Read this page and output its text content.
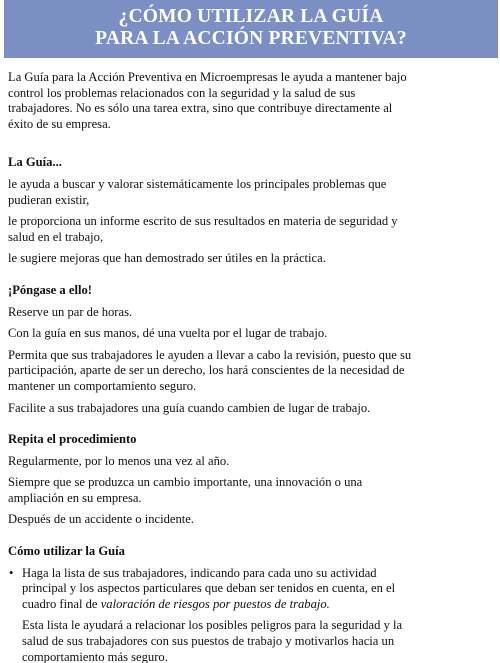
¿CÓMO UTILIZAR LA GUÍA
PARA LA ACCIÓN PREVENTIVA?

La Guía para la Acción Preventiva en Microempresas le ayuda a mantener bajo
control los problemas relacionados con la seguridad y la salud de sus
trabajadores. No es sólo una tarea extra, sino que contribuye directamente al
éxito de su empresa.

La Guía...

le ayuda a buscar y valorar sistemáticamente los principales problemas que
pudieran existir,

le proporciona un informe escrito de sus resultados en materia de seguridad y
salud en el trabajo,

le sugiere mejoras que han demostrado ser útiles en la práctica.

¡Póngase a ello!

Reserve un par de horas.

Con la guía en sus manos, dé una vuelta por el lugar de trabajo.

Permita que sus trabajadores le ayuden a llevar a cabo la revisión, puesto que su
participación, aparte de ser un derecho, los hará conscientes de la necesidad de
mantener un comportamiento seguro.

Facilite a sus trabajadores una guía cuando cambien de lugar de trabajo.

Repita el procedimiento

Regularmente, por lo menos una vez al año.

Siempre que se produzca un cambio importante, una innovación o una
ampliación en su empresa.

Después de un accidente o incidente.

Cómo utilizar la Guía

• Haga la lista de sus trabajadores, indicando para cada uno su actividad
principal y los aspectos particulares que deban ser tenidos en cuenta, en el
cuadro final de valoración de riesgos por puestos de trabajo.

Esta lista le ayudará a relacionar los posibles peligros para la seguridad y la
salud de sus trabajadores con sus puestos de trabajo y motivarlos hacia un
comportamiento más seguro.
